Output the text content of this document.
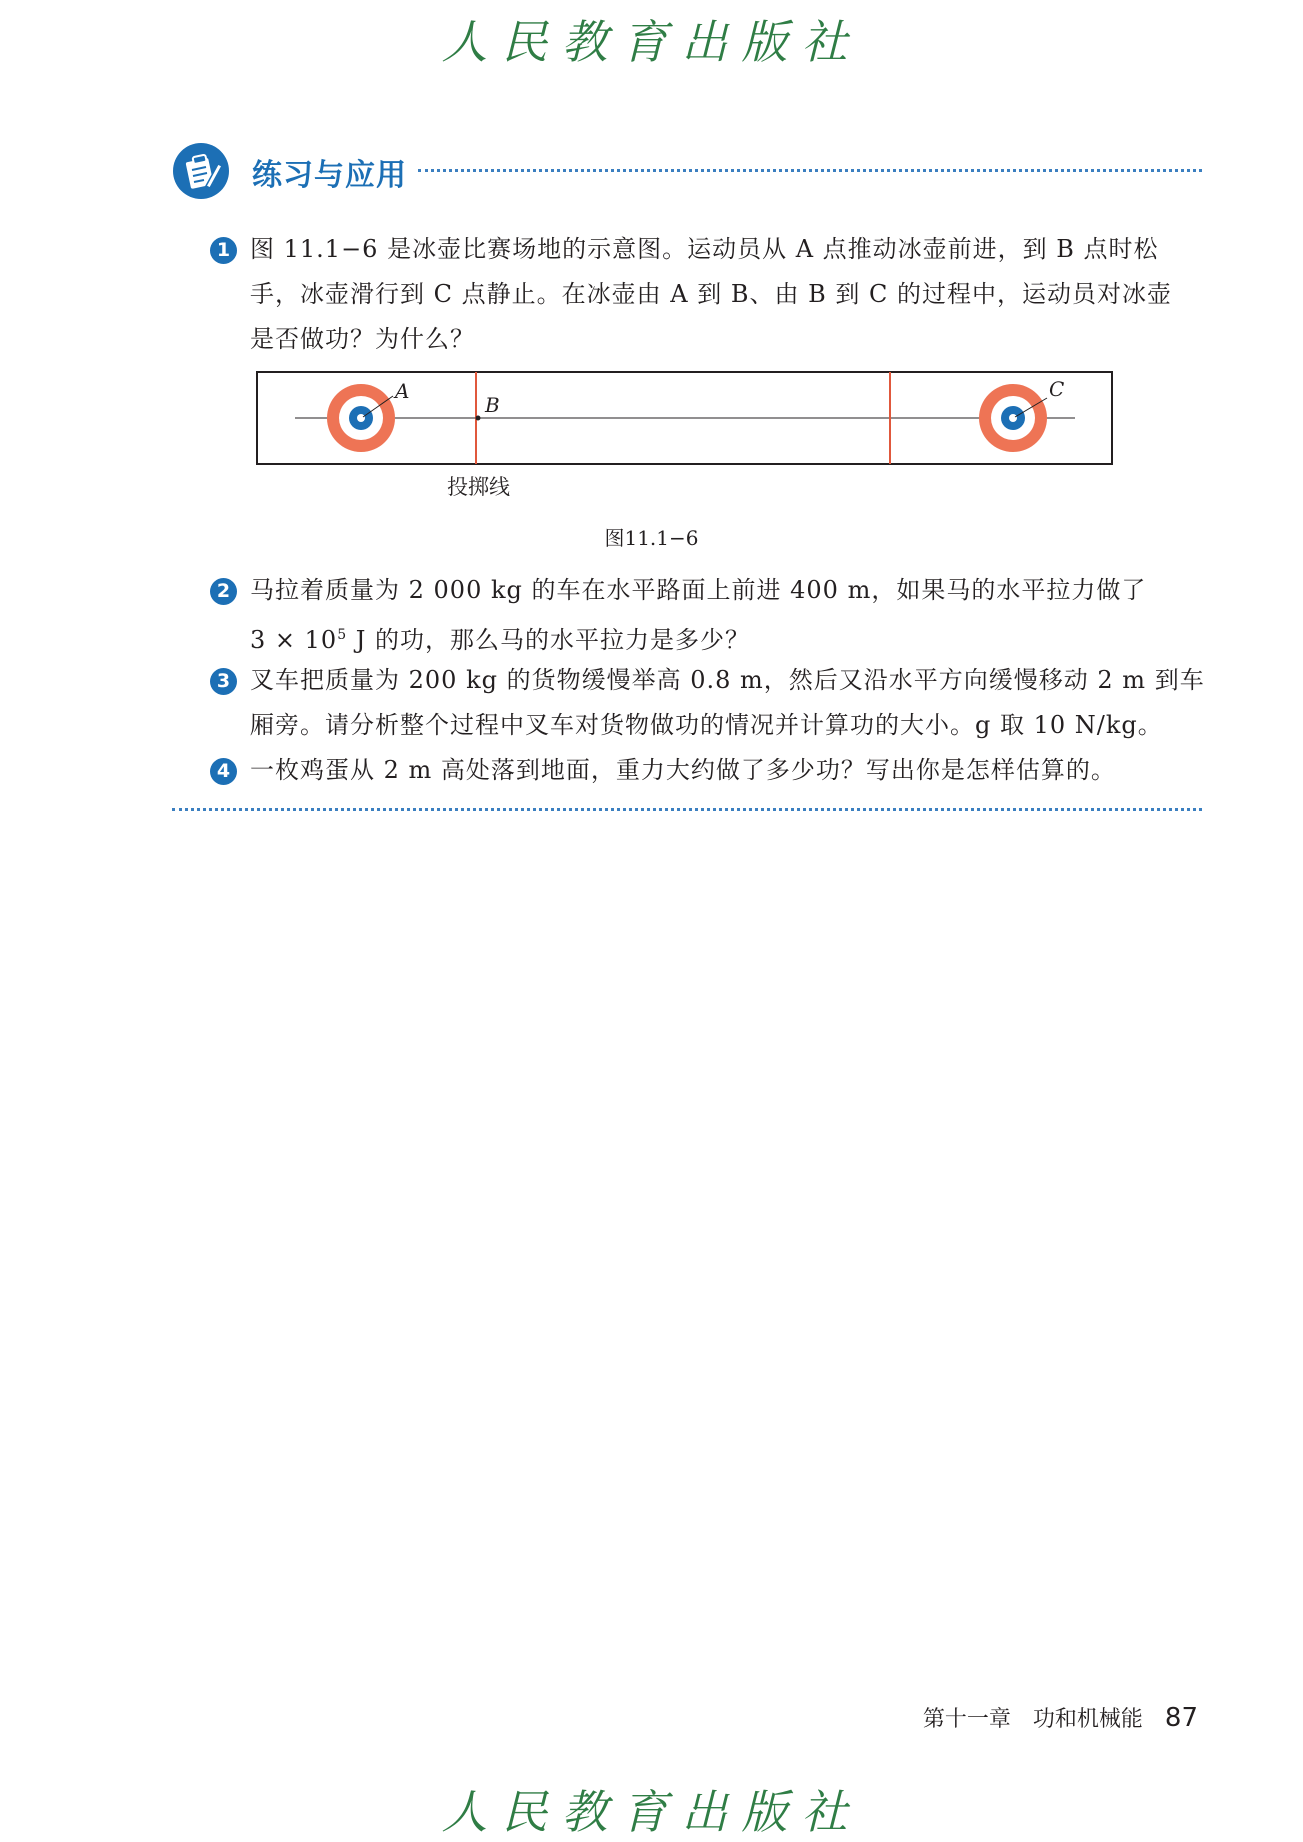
人民教育出版社
练习与应用
1 图 11.1−6 是冰壶比赛场地的示意图。运动员从 A 点推动冰壶前进，到 B 点时松
手，冰壶滑行到 C 点静止。在冰壶由 A 到 B、由 B 到 C 的过程中，运动员对冰壶
是否做功？为什么？
A
B
C
投掷线
图11.1−6
2 马拉着质量为 2 000 kg 的车在水平路面上前进 400 m，如果马的水平拉力做了
$3 \times 10^5$ J 的功，那么马的水平拉力是多少？
3 叉车把质量为 200 kg 的货物缓慢举高 0.8 m，然后又沿水平方向缓慢移动 2 m 到车
厢旁。请分析整个过程中叉车对货物做功的情况并计算功的大小。g 取 10 N/kg。
4 一枚鸡蛋从 2 m 高处落到地面，重力大约做了多少功？写出你是怎样估算的。
第十一章　功和机械能 87
人民教育出版社
